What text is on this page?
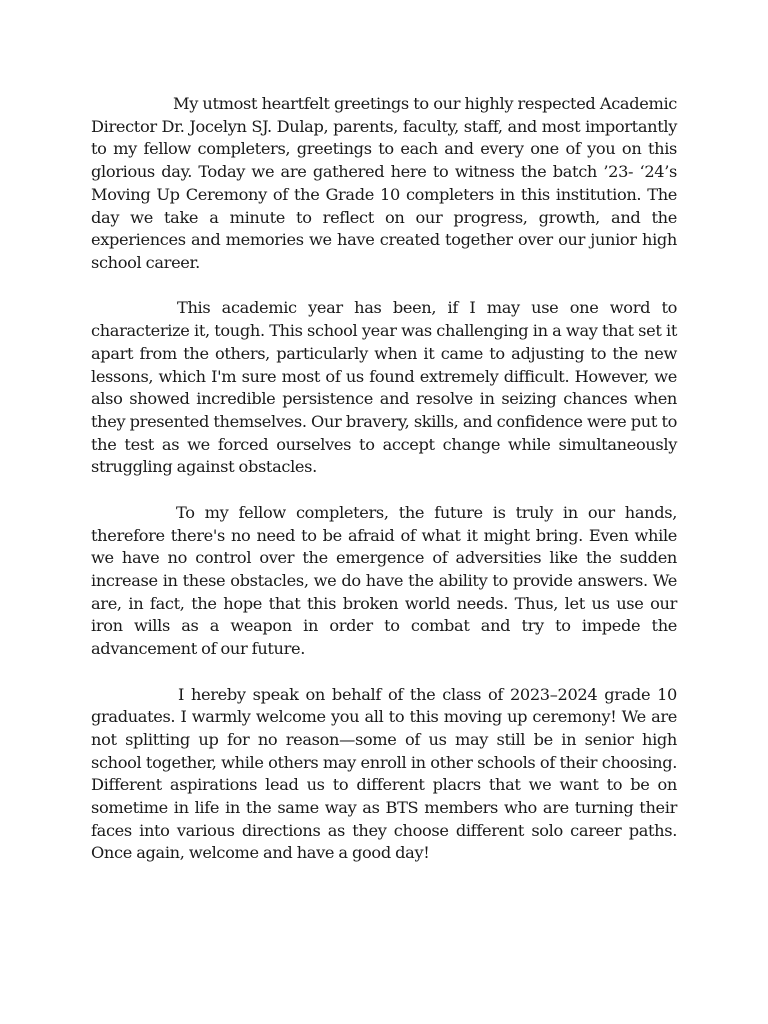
My utmost heartfelt greetings to our highly respected Academic Director Dr. Jocelyn SJ. Dulap, parents, faculty, staff, and most importantly to my fellow completers, greetings to each and every one of you on this glorious day. Today we are gathered here to witness the batch ’23- ‘24’s Moving Up Ceremony of the Grade 10 completers in this institution. The day we take a minute to reflect on our progress, growth, and the experiences and memories we have created together over our junior high school career.

This academic year has been, if I may use one word to characterize it, tough. This school year was challenging in a way that set it apart from the others, particularly when it came to adjusting to the new lessons, which I'm sure most of us found extremely difficult. However, we also showed incredible persistence and resolve in seizing chances when they presented themselves. Our bravery, skills, and confidence were put to the test as we forced ourselves to accept change while simultaneously struggling against obstacles.

To my fellow completers, the future is truly in our hands, therefore there's no need to be afraid of what it might bring. Even while we have no control over the emergence of adversities like the sudden increase in these obstacles, we do have the ability to provide answers. We are, in fact, the hope that this broken world needs. Thus, let us use our iron wills as a weapon in order to combat and try to impede the advancement of our future.

I hereby speak on behalf of the class of 2023–2024 grade 10 graduates. I warmly welcome you all to this moving up ceremony! We are not splitting up for no reason—some of us may still be in senior high school together, while others may enroll in other schools of their choosing. Different aspirations lead us to different placrs that we want to be on sometime in life in the same way as BTS members who are turning their faces into various directions as they choose different solo career paths. Once again, welcome and have a good day!
